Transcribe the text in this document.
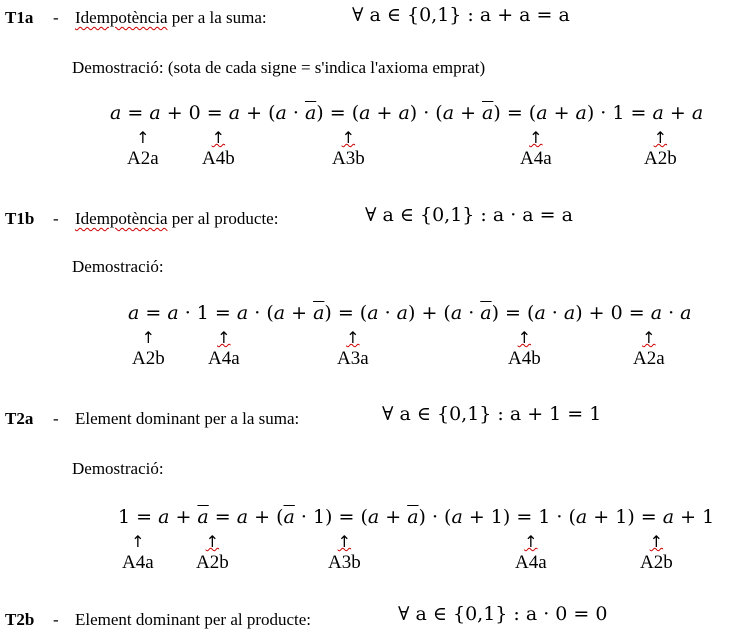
T1a - Idempotència per a la suma:	∀ a ∈ {0,1} : a + a = a
Demostració: (sota de cada signe = s'indica l'axioma emprat)
$a = a + 0 = a + (a \cdot \overline{a}) = (a + a) \cdot (a + \overline{a}) = (a + a) \cdot 1 = a + a$
↑
A2a
↑
A4b
↑
A3b
↑
A4a
↑
A2b
T1b - Idempotència per al producte:	∀ a ∈ {0,1} : a · a = a
Demostració:
$a = a \cdot 1 = a \cdot (a + \overline{a}) = (a \cdot a) + (a \cdot \overline{a}) = (a \cdot a) + 0 = a \cdot a$
↑
A2b
↑
A4a
↑
A3a
↑
A4b
↑
A2a
T2a - Element dominant per a la suma:	∀ a ∈ {0,1} : a + 1 = 1
Demostració:
$1 = a + \overline{a} = a + (\overline{a} \cdot 1) = (a + \overline{a}) \cdot (a + 1) = 1 \cdot (a + 1) = a + 1$
↑
A4a
↑
A2b
↑
A3b
↑
A4a
↑
A2b
T2b - Element dominant per al producte:	∀ a ∈ {0,1} : a · 0 = 0
